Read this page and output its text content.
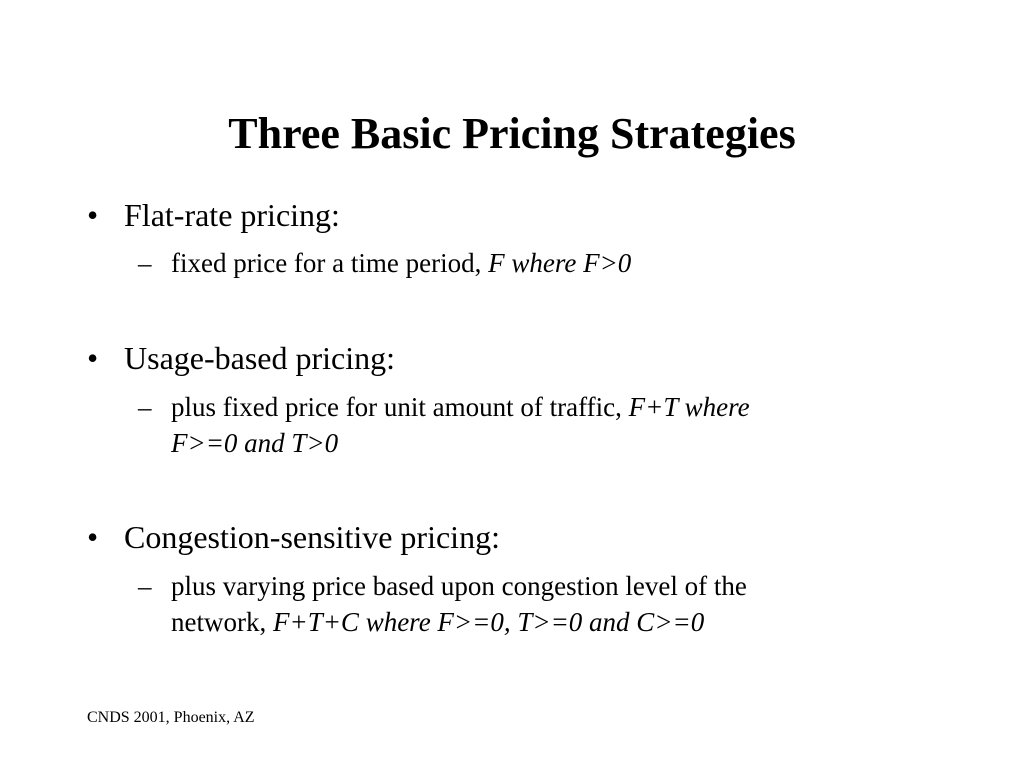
Three Basic Pricing Strategies
• Flat-rate pricing:
– fixed price for a time period, F where F>0
• Usage-based pricing:
– plus fixed price for unit amount of traffic, F+T where
F>=0 and T>0
• Congestion-sensitive pricing:
– plus varying price based upon congestion level of the
network, F+T+C where F>=0, T>=0 and C>=0
CNDS 2001, Phoenix, AZ
